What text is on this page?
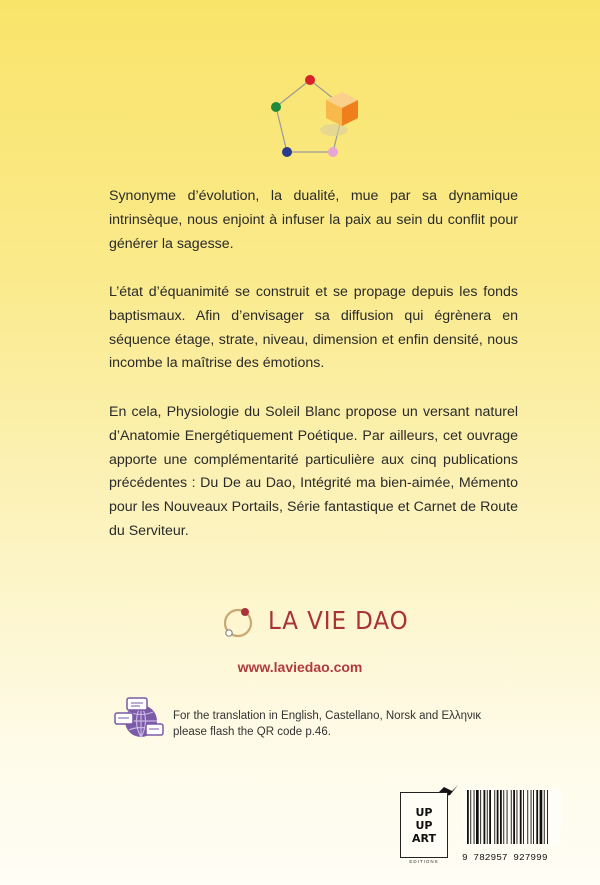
Synonyme d’évolution, la dualité, mue par sa dynamique intrinsèque, nous enjoint à infuser la paix au sein du conflit pour générer la sagesse.

L’état d’équanimité se construit et se propage depuis les fonds baptismaux. Afin d’envisager sa diffusion qui égrènera en séquence étage, strate, niveau, dimension et enfin densité, nous incombe la maîtrise des émotions.

En cela, Physiologie du Soleil Blanc propose un versant naturel d’Anatomie Energétiquement Poétique. Par ailleurs, cet ouvrage apporte une complémentarité particulière aux cinq publications précédentes : Du De au Dao, Intégrité ma bien-aimée, Mémento pour les Nouveaux Portails, Série fantastique et Carnet de Route du Serviteur.

LA VIE DAO
www.laviedao.com
For the translation in English, Castellano, Norsk and Ελληνικ
please flash the QR code p.46.
UP
UP
ART
EDITIONS	9 782957 927999
